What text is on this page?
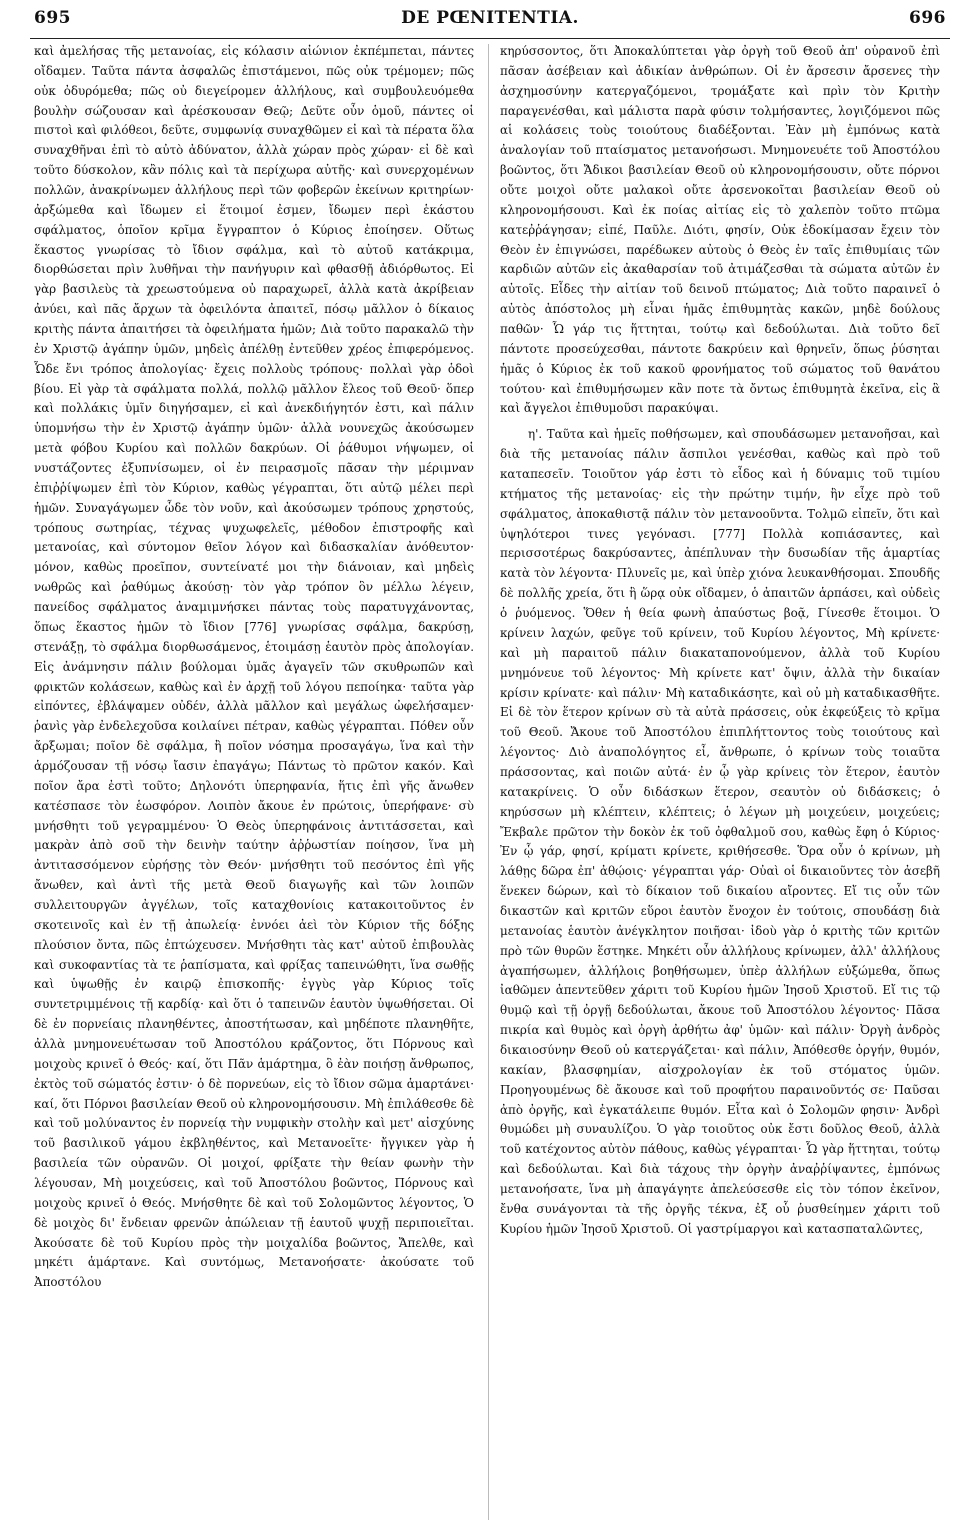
695	DE PŒNITENTIA.	696

καὶ ἀμελήσας τῆς μετανοίας, εἰς κόλασιν αἰώνιον ἐκπέμπεται, πάντες οἴδαμεν. Ταῦτα πάντα ἀσφαλῶς ἐπιστάμενοι, πῶς οὐκ τρέμομεν; πῶς οὐκ ὀδυρόμεθα; πῶς οὐ διεγείρομεν ἀλλήλους, καὶ συμβουλευόμεθα βουλὴν σώζουσαν καὶ ἀρέσκουσαν Θεῷ; Δεῦτε οὖν ὁμοῦ, πάντες οἱ πιστοὶ καὶ φιλόθεοι, δεῦτε, συμφωνίᾳ συναχθῶμεν εἰ καὶ τὰ πέρατα ὅλα συναχθῆναι ἐπὶ τὸ αὐτὸ ἀδύνατον, ἀλλὰ χώραν πρὸς χώραν· εἰ δὲ καὶ τοῦτο δύσκολον, κἂν πόλις καὶ τὰ περίχωρα αὐτῆς· καὶ συνερχομένων πολλῶν, ἀνακρίνωμεν ἀλλήλους περὶ τῶν φοβερῶν ἐκείνων κριτηρίων· ἀρξώμεθα καὶ ἴδωμεν εἰ ἕτοιμοί ἐσμεν, ἴδωμεν περὶ ἑκάστου σφάλματος, ὁποῖον κρῖμα ἔγγραπτον ὁ Κύριος ἐποίησεν. Οὕτως ἕκαστος γνωρίσας τὸ ἴδιον σφάλμα, καὶ τὸ αὐτοῦ κατάκριμα, διορθώσεται πρὶν λυθῆναι τὴν πανήγυριν καὶ φθασθῇ ἀδιόρθωτος. Εἰ γὰρ βασιλεὺς τὰ χρεωστούμενα οὐ παραχωρεῖ, ἀλλὰ κατὰ ἀκρίβειαν ἀνύει, καὶ πᾶς ἄρχων τὰ ὀφειλόντα ἀπαιτεῖ, πόσῳ μᾶλλον ὁ δίκαιος κριτὴς πάντα ἀπαιτήσει τὰ ὀφειλήματα ἡμῶν; Διὰ τοῦτο παρακαλῶ τὴν ἐν Χριστῷ ἀγάπην ὑμῶν, μηδεὶς ἀπέλθῃ ἐντεῦθεν χρέος ἐπιφερόμενος. Ὧδε ἔνι τρόπος ἀπολογίας· ἔχεις πολλοὺς τρόπους· πολλαὶ γὰρ ὁδοὶ βίου. Εἰ γὰρ τὰ σφάλματα πολλά, πολλῷ μᾶλλον ἔλεος τοῦ Θεοῦ· ὅπερ καὶ πολλάκις ὑμῖν διηγήσαμεν, εἰ καὶ ἀνεκδιήγητόν ἐστι, καὶ πάλιν ὑπομνήσω τὴν ἐν Χριστῷ ἀγάπην ὑμῶν· ἀλλὰ νουνεχῶς ἀκούσωμεν μετὰ φόβου Κυρίου καὶ πολλῶν δακρύων. Οἱ ῥάθυμοι νήψωμεν, οἱ νυστάζοντες ἐξυπνίσωμεν, οἱ ἐν πειρασμοῖς πᾶσαν τὴν μέριμναν ἐπιῤῥίψωμεν ἐπὶ τὸν Κύριον, καθὼς γέγραπται, ὅτι αὐτῷ μέλει περὶ ἡμῶν. Συναγάγωμεν ὧδε τὸν νοῦν, καὶ ἀκούσωμεν τρόπους χρηστούς, τρόπους σωτηρίας, τέχνας ψυχωφελεῖς, μέθοδον ἐπιστροφῆς καὶ μετανοίας, καὶ σύντομον θεῖον λόγον καὶ διδασκαλίαν ἀνόθευτον· μόνον, καθὼς προεῖπον, συντείνατέ μοι τὴν διάνοιαν, καὶ μηδεὶς νωθρῶς καὶ ῥαθύμως ἀκούσῃ· τὸν γὰρ τρόπον ὃν μέλλω λέγειν, πανείδος σφάλματος ἀναμιμνήσκει πάντας τοὺς παρατυγχάνοντας, ὅπως ἕκαστος ἡμῶν τὸ ἴδιον [776] γνωρίσας σφάλμα, δακρύσῃ, στενάξῃ, τὸ σφάλμα διορθωσάμενος, ἑτοιμάσῃ ἑαυτὸν πρὸς ἀπολογίαν. Εἰς ἀνάμνησιν πάλιν βούλομαι ὑμᾶς ἀγαγεῖν τῶν σκυθρωπῶν καὶ φρικτῶν κολάσεων, καθὼς καὶ ἐν ἀρχῇ τοῦ λόγου πεποίηκα· ταῦτα γὰρ εἰπόντες, ἐβλάψαμεν οὐδέν, ἀλλὰ μᾶλλον καὶ μεγάλως ὠφελήσαμεν· ῥανὶς γὰρ ἐνδελεχοῦσα κοιλαίνει πέτραν, καθὼς γέγραπται. Πόθεν οὖν ἄρξωμαι; ποῖον δὲ σφάλμα, ἢ ποῖον νόσημα προσαγάγω, ἵνα καὶ τὴν ἁρμόζουσαν τῇ νόσῳ ἴασιν ἐπαγάγω; Πάντως τὸ πρῶτον κακόν. Καὶ ποῖον ἄρα ἐστὶ τοῦτο; Δηλονότι ὑπερηφανία, ἥτις ἐπὶ γῆς ἄνωθεν κατέσπασε τὸν ἑωσφόρον. Λοιπὸν ἄκουε ἐν πρώτοις, ὑπερήφανε· σὺ μνήσθητι τοῦ γεγραμμένου· Ὁ Θεὸς ὑπερηφάνοις ἀντιτάσσεται, καὶ μακρὰν ἀπὸ σοῦ τὴν δεινὴν ταύτην ἀῤῥωστίαν ποίησον, ἵνα μὴ ἀντιτασσόμενον εὑρήσῃς τὸν Θεόν· μνήσθητι τοῦ πεσόντος ἐπὶ γῆς ἄνωθεν, καὶ ἀντὶ τῆς μετὰ Θεοῦ διαγωγῆς καὶ τῶν λοιπῶν συλλειτουργῶν ἀγγέλων, τοῖς καταχθονίοις κατακοιτοῦντος ἐν σκοτεινοῖς καὶ ἐν τῇ ἀπωλείᾳ· ἐννόει ἀεὶ τὸν Κύριον τῆς δόξης πλούσιον ὄντα, πῶς ἐπτώχευσεν. Μνήσθητι τὰς κατ' αὐτοῦ ἐπιβουλὰς καὶ συκοφαντίας τὰ τε ῥαπίσματα, καὶ φρίξας ταπεινώθητι, ἵνα σωθῇς καὶ ὑψωθῇς ἐν καιρῷ ἐπισκοπῆς· ἐγγὺς γὰρ Κύριος τοῖς συντετριμμένοις τῇ καρδίᾳ· καὶ ὅτι ὁ ταπεινῶν ἑαυτὸν ὑψωθήσεται. Οἱ δὲ ἐν πορνείαις πλανηθέντες, ἀποστήτωσαν, καὶ μηδέποτε πλανηθῆτε, ἀλλὰ μνημονευέτωσαν τοῦ Ἀποστόλου κράζοντος, ὅτι Πόρνους καὶ μοιχοὺς κρινεῖ ὁ Θεός· καί, ὅτι Πᾶν ἁμάρτημα, ὃ ἐὰν ποιήσῃ ἄνθρωπος, ἐκτὸς τοῦ σώματός ἐστιν· ὁ δὲ πορνεύων, εἰς τὸ ἴδιον σῶμα ἁμαρτάνει· καί, ὅτι Πόρνοι βασιλείαν Θεοῦ οὐ κληρονομήσουσιν. Μὴ ἐπιλάθεσθε δὲ καὶ τοῦ μολύναντος ἐν πορνείᾳ τὴν νυμφικὴν στολὴν καὶ μετ' αἰσχύνης τοῦ βασιλικοῦ γάμου ἐκβληθέντος, καὶ Μετανοεῖτε· ἤγγικεν γὰρ ἡ βασιλεία τῶν οὐρανῶν. Οἱ μοιχοί, φρίξατε τὴν θείαν φωνὴν τὴν λέγουσαν, Μὴ μοιχεύσεις, καὶ τοῦ Ἀποστόλου βοῶντος, Πόρνους καὶ μοιχοὺς κρινεῖ ὁ Θεός. Μνήσθητε δὲ καὶ τοῦ Σολομῶντος λέγοντος, Ὁ δὲ μοιχὸς δι' ἔνδειαν φρενῶν ἀπώλειαν τῇ ἑαυτοῦ ψυχῇ περιποιεῖται. Ἀκούσατε δὲ τοῦ Κυρίου πρὸς τὴν μοιχαλίδα βοῶντος, Ἄπελθε, καὶ μηκέτι ἁμάρτανε. Καὶ συντόμως, Μετανοήσατε· ἀκούσατε τοῦ Ἀποστόλου

κηρύσσοντος, ὅτι Ἀποκαλύπτεται γὰρ ὀργὴ τοῦ Θεοῦ ἀπ' οὐρανοῦ ἐπὶ πᾶσαν ἀσέβειαν καὶ ἀδικίαν ἀνθρώπων. Οἱ ἐν ἄρσεσιν ἄρσενες τὴν ἀσχημοσύνην κατεργαζόμενοι, τρομάξατε καὶ πρὶν τὸν Κριτὴν παραγενέσθαι, καὶ μάλιστα παρὰ φύσιν τολμήσαντες, λογιζόμενοι πῶς αἱ κολάσεις τοὺς τοιούτους διαδέξονται. Ἐὰν μὴ ἐμπόνως κατὰ ἀναλογίαν τοῦ πταίσματος μετανοήσωσι. Μνημονευέτε τοῦ Ἀποστόλου βοῶντος, ὅτι Ἄδικοι βασιλείαν Θεοῦ οὐ κληρονομήσουσιν, οὔτε πόρνοι οὔτε μοιχοὶ οὔτε μαλακοὶ οὔτε ἀρσενοκοῖται βασιλείαν Θεοῦ οὐ κληρονομήσουσι. Καὶ ἐκ ποίας αἰτίας εἰς τὸ χαλεπὸν τοῦτο πτῶμα κατεῤῥάγησαν; εἰπέ, Παῦλε. Διότι, φησίν, Οὐκ ἐδοκίμασαν ἔχειν τὸν Θεὸν ἐν ἐπιγνώσει, παρέδωκεν αὐτοὺς ὁ Θεὸς ἐν ταῖς ἐπιθυμίαις τῶν καρδιῶν αὐτῶν εἰς ἀκαθαρσίαν τοῦ ἀτιμάζεσθαι τὰ σώματα αὐτῶν ἐν αὐτοῖς. Εἶδες τὴν αἰτίαν τοῦ δεινοῦ πτώματος; Διὰ τοῦτο παραινεῖ ὁ αὐτὸς ἀπόστολος μὴ εἶναι ἡμᾶς ἐπιθυμητὰς κακῶν, μηδὲ δούλους παθῶν· Ὧ γάρ τις ἥττηται, τούτῳ καὶ δεδούλωται. Διὰ τοῦτο δεῖ πάντοτε προσεύχεσθαι, πάντοτε δακρύειν καὶ θρηνεῖν, ὅπως ῥύσηται ἡμᾶς ὁ Κύριος ἐκ τοῦ κακοῦ φρονήματος τοῦ σώματος τοῦ θανάτου τούτου· καὶ ἐπιθυμήσωμεν κἂν ποτε τὰ ὄντως ἐπιθυμητὰ ἐκεῖνα, εἰς ἃ καὶ ἄγγελοι ἐπιθυμοῦσι παρακύψαι.

η'. Ταῦτα καὶ ἡμεῖς ποθήσωμεν, καὶ σπουδάσωμεν μετανοῆσαι, καὶ διὰ τῆς μετανοίας πάλιν ἄσπιλοι γενέσθαι, καθὼς καὶ πρὸ τοῦ καταπεσεῖν. Τοιοῦτον γάρ ἐστι τὸ εἶδος καὶ ἡ δύναμις τοῦ τιμίου κτήματος τῆς μετανοίας· εἰς τὴν πρώτην τιμήν, ἣν εἶχε πρὸ τοῦ σφάλματος, ἀποκαθιστᾷ πάλιν τὸν μετανοοῦντα. Τολμῶ εἰπεῖν, ὅτι καὶ ὑψηλότεροι τινες γεγόνασι. [777] Πολλὰ κοπιάσαντες, καὶ περισσοτέρως δακρύσαντες, ἀπέπλυναν τὴν δυσωδίαν τῆς ἁμαρτίας κατὰ τὸν λέγοντα· Πλυνεῖς με, καὶ ὑπὲρ χιόνα λευκανθήσομαι. Σπουδῆς δὲ πολλῆς χρεία, ὅτι ἣ ὥρᾳ οὐκ οἴδαμεν, ὁ ἀπαιτῶν ἁρπάσει, καὶ οὐδεὶς ὁ ῥυόμενος. Ὅθεν ἡ θεία φωνὴ ἀπαύστως βοᾷ, Γίνεσθε ἕτοιμοι. Ὁ κρίνειν λαχών, φεῦγε τοῦ κρίνειν, τοῦ Κυρίου λέγοντος, Μὴ κρίνετε· καὶ μὴ παραιτοῦ πάλιν διακαταπονούμενον, ἀλλὰ τοῦ Κυρίου μνημόνευε τοῦ λέγοντος· Μὴ κρίνετε κατ' ὄψιν, ἀλλὰ τὴν δικαίαν κρίσιν κρίνατε· καὶ πάλιν· Μὴ καταδικάσητε, καὶ οὐ μὴ καταδικασθῆτε. Εἰ δὲ τὸν ἕτερον κρίνων σὺ τὰ αὐτὰ πράσσεις, οὐκ ἐκφεύξεις τὸ κρῖμα τοῦ Θεοῦ. Ἄκουε τοῦ Ἀποστόλου ἐπιπλήττοντος τοὺς τοιούτους καὶ λέγοντος· Διὸ ἀναπολόγητος εἶ, ἄνθρωπε, ὁ κρίνων τοὺς τοιαῦτα πράσσοντας, καὶ ποιῶν αὐτά· ἐν ᾧ γὰρ κρίνεις τὸν ἕτερον, ἑαυτὸν κατακρίνεις. Ὁ οὖν διδάσκων ἕτερον, σεαυτὸν οὐ διδάσκεις; ὁ κηρύσσων μὴ κλέπτειν, κλέπτεις; ὁ λέγων μὴ μοιχεύειν, μοιχεύεις; Ἔκβαλε πρῶτον τὴν δοκὸν ἐκ τοῦ ὀφθαλμοῦ σου, καθὼς ἔφη ὁ Κύριος· Ἐν ᾧ γάρ, φησί, κρίματι κρίνετε, κριθήσεσθε. Ὅρα οὖν ὁ κρίνων, μὴ λάθῃς δῶρα ἐπ' ἀθῴοις· γέγραπται γάρ· Οὐαὶ οἱ δικαιοῦντες τὸν ἀσεβῆ ἕνεκεν δώρων, καὶ τὸ δίκαιον τοῦ δικαίου αἴροντες. Εἴ τις οὖν τῶν δικαστῶν καὶ κριτῶν εὕροι ἑαυτὸν ἔνοχον ἐν τούτοις, σπουδάσῃ διὰ μετανοίας ἑαυτὸν ἀνέγκλητον ποιῆσαι· ἰδοὺ γὰρ ὁ κριτὴς τῶν κριτῶν πρὸ τῶν θυρῶν ἕστηκε. Μηκέτι οὖν ἀλλήλους κρίνωμεν, ἀλλ' ἀλλήλους ἀγαπήσωμεν, ἀλλήλοις βοηθήσωμεν, ὑπὲρ ἀλλήλων εὐξώμεθα, ὅπως ἰαθῶμεν ἀπεντεῦθεν χάριτι τοῦ Κυρίου ἡμῶν Ἰησοῦ Χριστοῦ. Εἴ τις τῷ θυμῷ καὶ τῇ ὀργῇ δεδούλωται, ἄκουε τοῦ Ἀποστόλου λέγοντος· Πᾶσα πικρία καὶ θυμὸς καὶ ὀργὴ ἀρθήτω ἀφ' ὑμῶν· καὶ πάλιν· Ὀργὴ ἀνδρὸς δικαιοσύνην Θεοῦ οὐ κατεργάζεται· καὶ πάλιν, Ἀπόθεσθε ὀργήν, θυμόν, κακίαν, βλασφημίαν, αἰσχρολογίαν ἐκ τοῦ στόματος ὑμῶν. Προηγουμένως δὲ ἄκουσε καὶ τοῦ προφήτου παραινοῦντός σε· Παῦσαι ἀπὸ ὀργῆς, καὶ ἐγκατάλειπε θυμόν. Εἶτα καὶ ὁ Σολομῶν φησιν· Ἀνδρὶ θυμώδει μὴ συναυλίζου. Ὁ γὰρ τοιοῦτος οὐκ ἔστι δοῦλος Θεοῦ, ἀλλὰ τοῦ κατέχοντος αὐτὸν πάθους, καθὼς γέγραπται· Ὧ γὰρ ἥττηται, τούτῳ καὶ δεδούλωται. Καὶ διὰ τάχους τὴν ὀργὴν ἀναῤῥίψαντες, ἐμπόνως μετανοήσατε, ἵνα μὴ ἀπαγάγητε ἀπελεύσεσθε εἰς τὸν τόπον ἐκεῖνον, ἔνθα συνάγονται τὰ τῆς ὀργῆς τέκνα, ἐξ οὗ ῥυσθείημεν χάριτι τοῦ Κυρίου ἡμῶν Ἰησοῦ Χριστοῦ. Οἱ γαστρίμαργοι καὶ κατασπαταλῶντες,
